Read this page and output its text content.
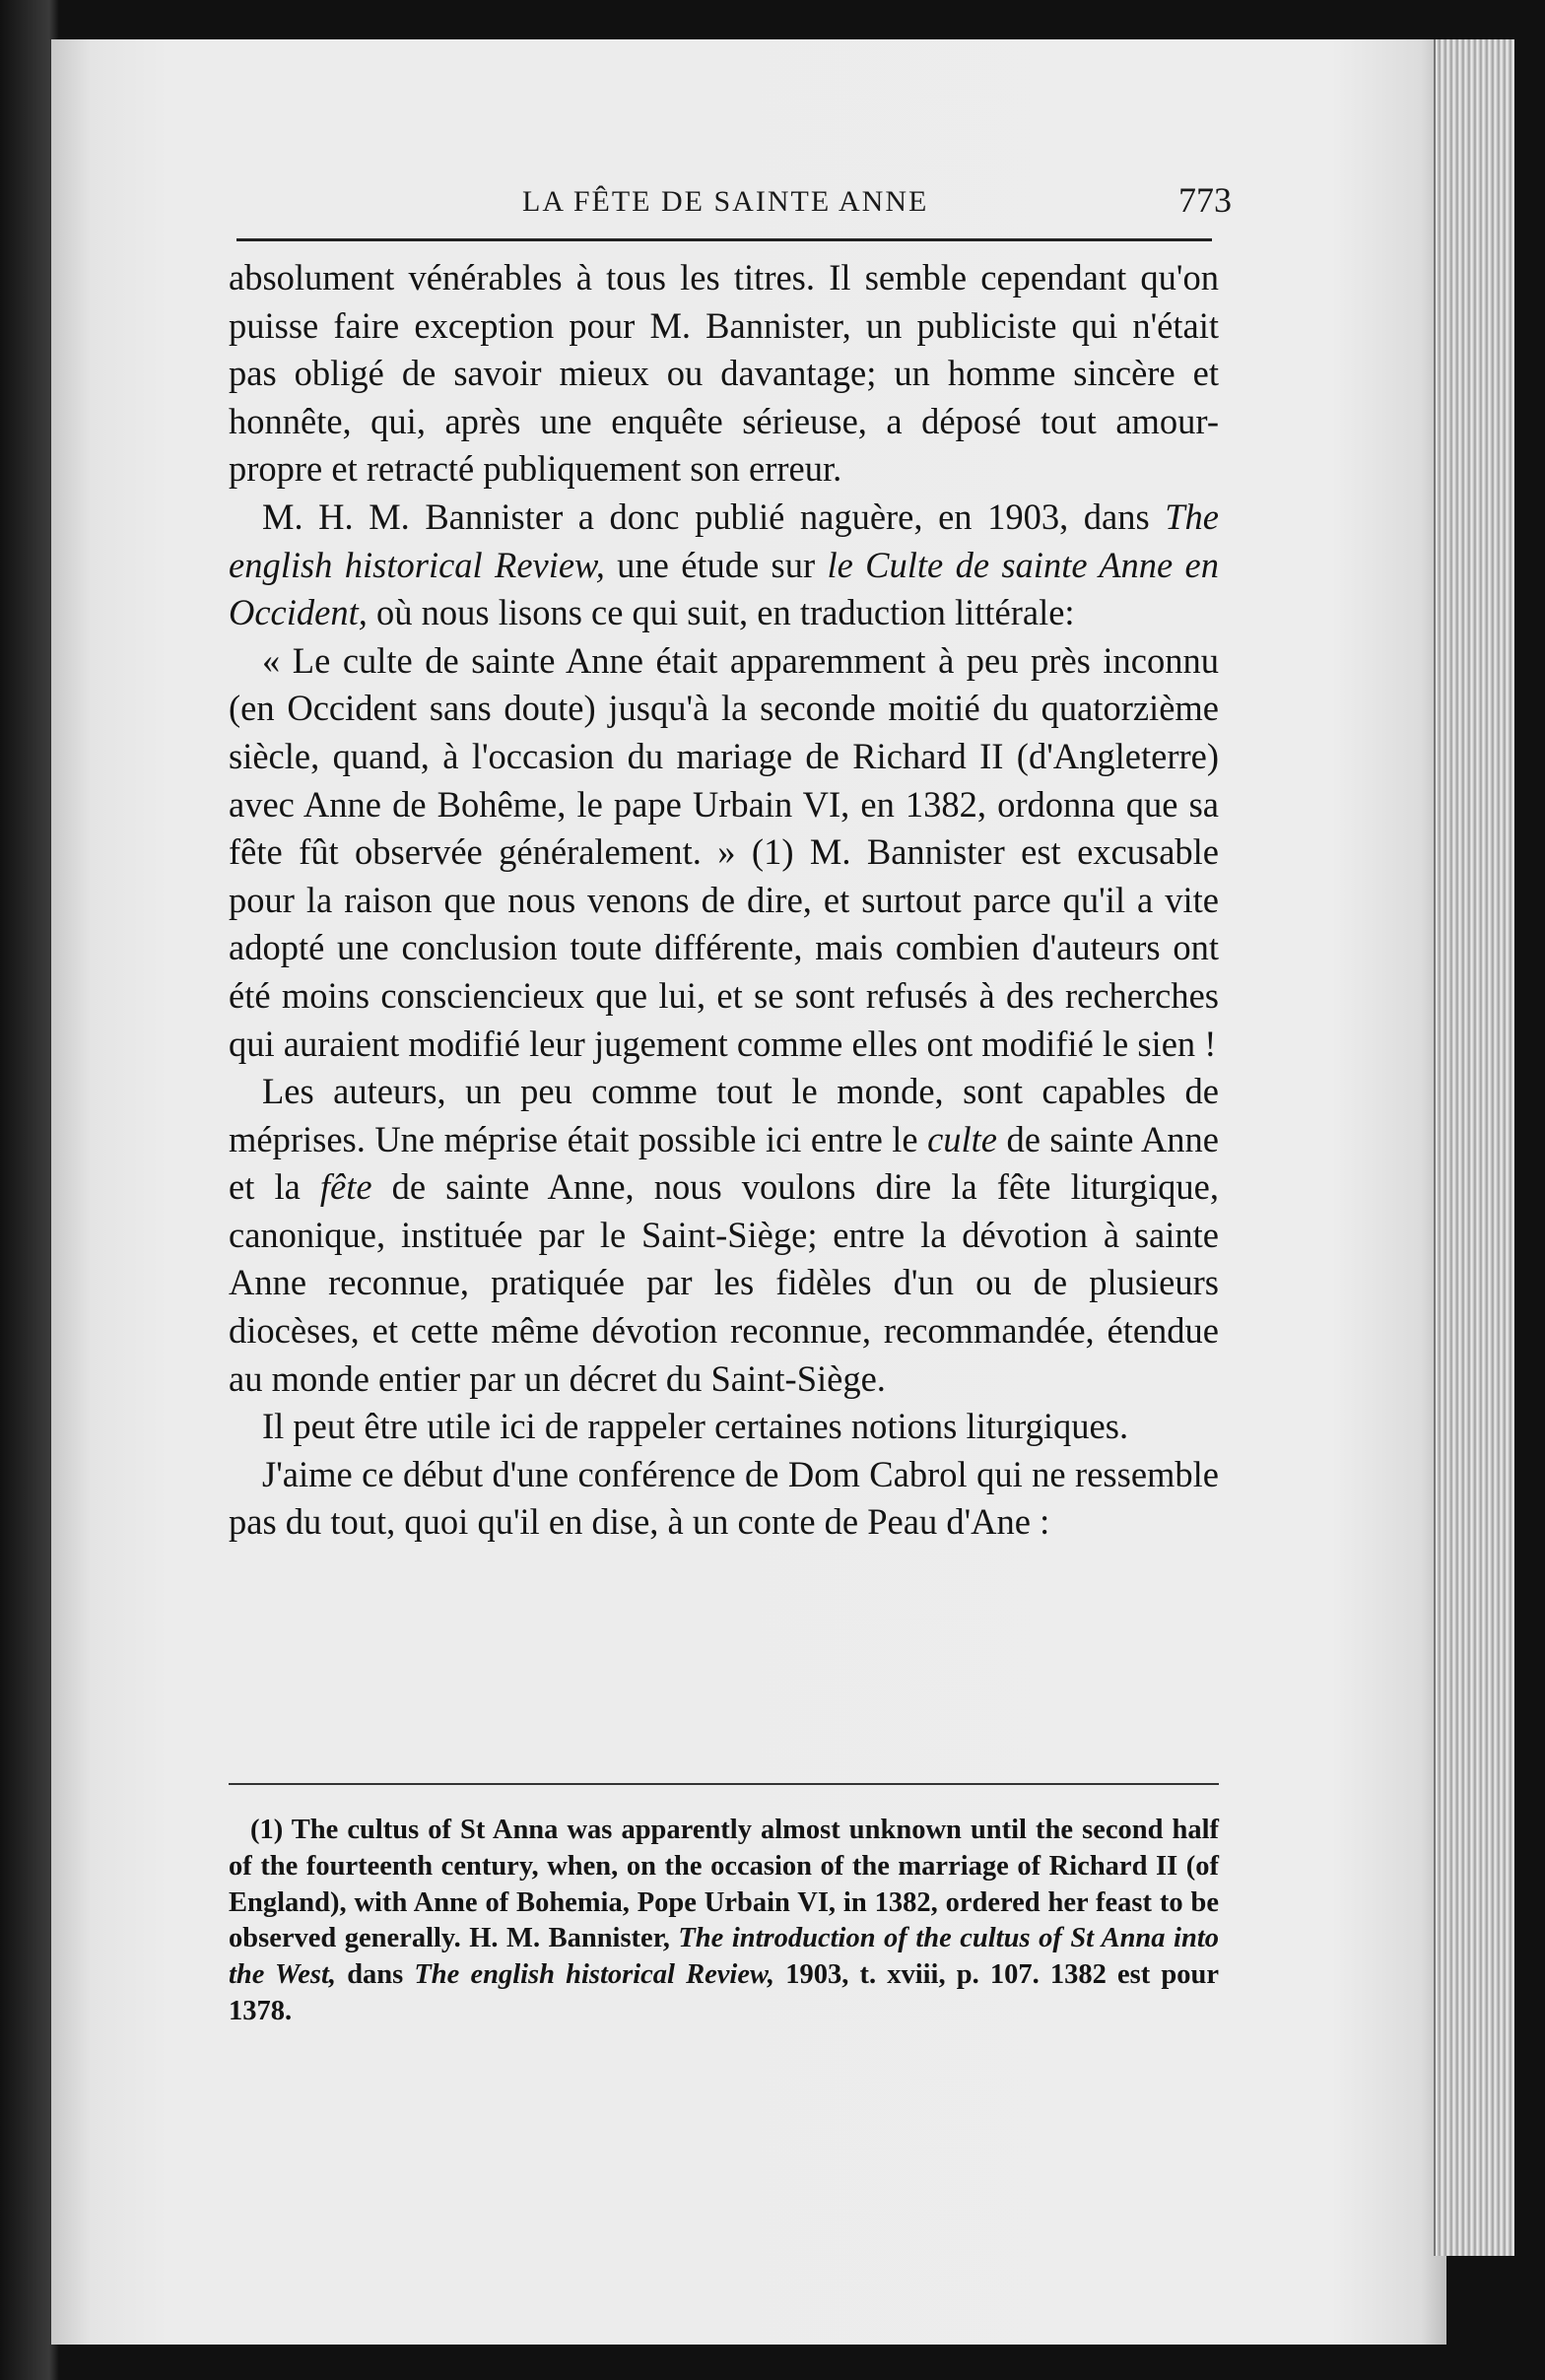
LA FÊTE DE SAINTE ANNE	773

absolument vénérables à tous les titres. Il semble cependant qu'on puisse faire exception pour M. Bannister, un publiciste qui n'était pas obligé de savoir mieux ou davantage; un homme sincère et honnête, qui, après une enquête sérieuse, a déposé tout amour-propre et retracté publiquement son erreur.

M. H. M. Bannister a donc publié naguère, en 1903, dans The english historical Review, une étude sur le Culte de sainte Anne en Occident, où nous lisons ce qui suit, en traduction littérale:

« Le culte de sainte Anne était apparemment à peu près inconnu (en Occident sans doute) jusqu'à la seconde moitié du quatorzième siècle, quand, à l'occasion du mariage de Richard II (d'Angleterre) avec Anne de Bohême, le pape Urbain VI, en 1382, ordonna que sa fête fût observée généralement. » (1) M. Bannister est excusable pour la raison que nous venons de dire, et surtout parce qu'il a vite adopté une conclusion toute différente, mais combien d'auteurs ont été moins consciencieux que lui, et se sont refusés à des recherches qui auraient modifié leur jugement comme elles ont modifié le sien !

Les auteurs, un peu comme tout le monde, sont capables de méprises. Une méprise était possible ici entre le culte de sainte Anne et la fête de sainte Anne, nous voulons dire la fête liturgique, canonique, instituée par le Saint-Siège; entre la dévotion à sainte Anne reconnue, pratiquée par les fidèles d'un ou de plusieurs diocèses, et cette même dévotion reconnue, recommandée, étendue au monde entier par un décret du Saint-Siège.

Il peut être utile ici de rappeler certaines notions liturgiques.

J'aime ce début d'une conférence de Dom Cabrol qui ne ressemble pas du tout, quoi qu'il en dise, à un conte de Peau d'Ane :

(1) The cultus of St Anna was apparently almost unknown until the second half of the fourteenth century, when, on the occasion of the marriage of Richard II (of England), with Anne of Bohemia, Pope Urbain VI, in 1382, ordered her feast to be observed generally. H. M. Bannister, The introduction of the cultus of St Anna into the West, dans The english historical Review, 1903, t. xviii, p. 107. 1382 est pour 1378.
